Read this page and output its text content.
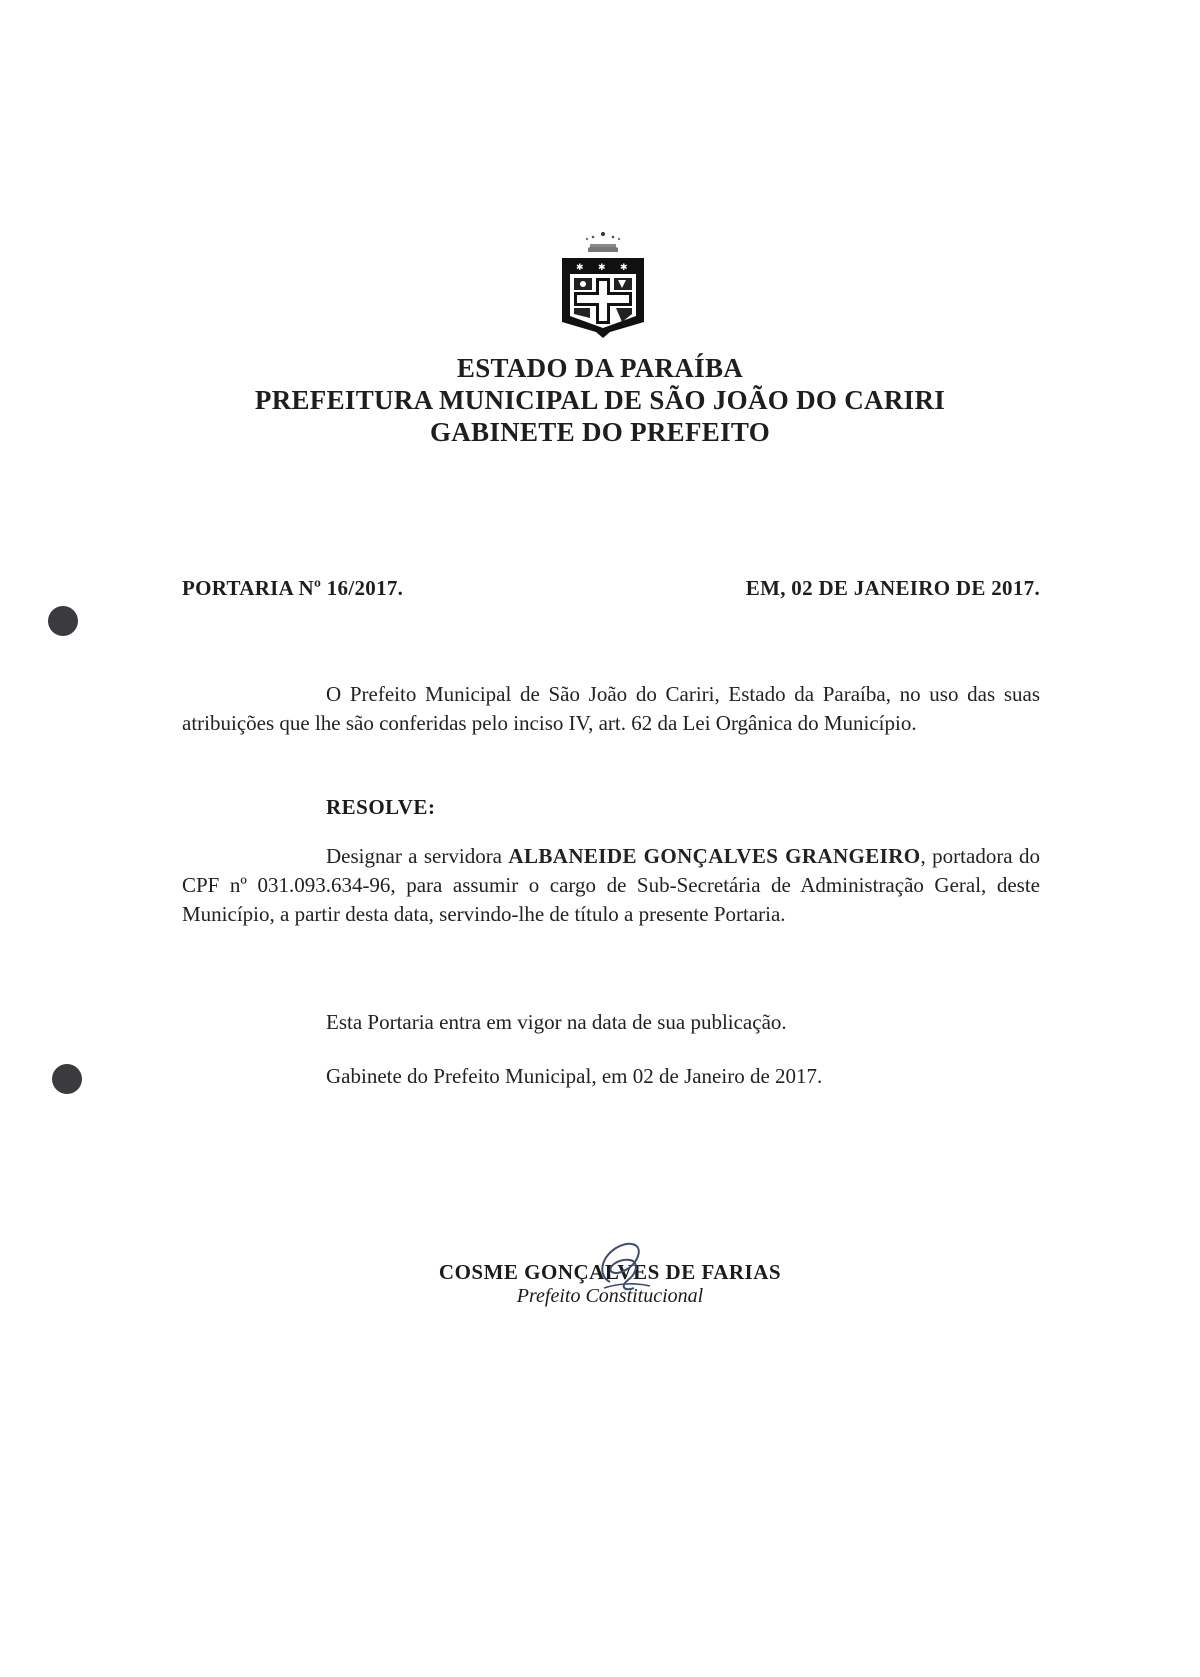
✱ ✱ ✱
ESTADO DA PARAÍBA
PREFEITURA MUNICIPAL DE SÃO JOÃO DO CARIRI
GABINETE DO PREFEITO
PORTARIA Nº 16/2017.	EM, 02 DE JANEIRO DE 2017.
O Prefeito Municipal de São João do Cariri, Estado da Paraíba, no uso das suas atribuições que lhe são conferidas pelo inciso IV, art. 62 da Lei Orgânica do Município.
RESOLVE:
Designar a servidora ALBANEIDE GONÇALVES GRANGEIRO, portadora do CPF nº 031.093.634-96, para assumir o cargo de Sub-Secretária de Administração Geral, deste Município, a partir desta data, servindo-lhe de título a presente Portaria.
Esta Portaria entra em vigor na data de sua publicação.
Gabinete do Prefeito Municipal, em 02 de Janeiro de 2017.
COSME GONÇALVES DE FARIAS
Prefeito Constitucional
